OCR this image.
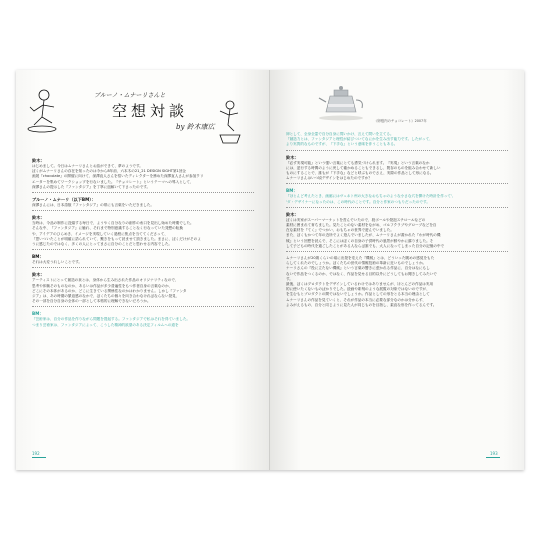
ブルーノ・ムナーリさんと
空想対談
by 鈴木康広
鈴木：
はじめまして。今日はムナーリさんとお話ができて、夢のようです。
ぼくがムナーリさんの存在を知ったのは今から8年前、六本木の21_21 DESIGN SIGHT第1回企
画展『chocolate』の開催に向けて、深澤直人さんを招いたディレクターを務めた深澤直人さんが参加クリ
エーターを集めてワークショップを行ないました。『チョコレート』というテーマへの導入として、
深澤さんの提示した『ファンタジア』を丁寧に紐解いて下さったのです。
ブルーノ・ムナーリ（以下BM）：
深澤さんには、日本語版『ファンタジア』の帯にも言葉をいただきました。
鈴木：
当時は、今品の制作に没頭する毎日で、ようやく自分なりの創作の糸口を見出し始めた時期でした。
そんな中、『ファンタジア』に触れ、それまで特別意識することなく行なっていた発想の転換
や、アイデアのひらめき、イメージを実現していく過程に焦点を当ててくださって、
『思いついたことが明確に語られていて、驚きをもって読ませて頂きました。まさに、ぼくだけがそのよ
うに感じたのではなく、多くの人にとってまさに自分のことだと思わせる内容でした。
BM：
それは大変うれしいことです。
鈴木：
アーティストにとって創造の泉とは、身体から生み出された作品のオリジナリティなので、
思考や体験そのものなのか、あるいは作品が多少普遍性をもつ作者自身の言葉なのか、
どこにその本体があるのか、どこに生きている関係性なのかはわかりません。しかし『ファンタ
ジア』は、あの時期の緊迫感のなかで、ぼくたちの個々を向き合わなければならない発見、
その一部を自分自身の全体の一部として本格的に理解できないだろうか。
BM：
『芸術家は、自分の作品を作りながら問題を提起する。ファンタジアで私はそれを得ていました。
つまり芸術家は、ファンタジアによって、こうした精神的欲望のある決定フィルムへの道を
192
《卵殻内のチョコレート》2007年
卵として、全身全霊で自分自身に問いかけ、言えて問いを立てる。
『創造力とは、ファンタジアと理性が結びついてなにかを生み出す能力です。したがって、
より実質的なものですが、『下手な』という意味を伴うこともある。
鈴木：
『必ず実現可能』という強い言葉にとても勇気づけられます。『実現』という言葉のなか
には、逆行する時間のように戻して確かめることもできるし、既存のものを組み合わせて新しい
ものにすることで、誰もが『下手な』などと呼ぶものでさえ、実際の作品として形になる。
ムナーリさんはいつ頃デザインをはじめたのですか？
BM：
『ほとんど考えたとき、画廊にはヴェネト州の大きなおもちゃのような小さな穴を開けた時計を作って',
'ダ・デザイナーになったのは、この時代のことです。自分と作家のつもりだったのです。
鈴木：
ぼくは実家がスーパーマーケットを営んでいたので、段ボールや発泡スチロールなどの
素材に囲まれて育ちました。見たことのない素材をながめ、ゴルフクラブやグローブなどを自
在な素材を『てく』でつかい、おもちゃの世界で遊んでいました。
また、ぼくもかつて年の近所でよく遊んでいましたが、ムナーリさんが書かれた『わが時代の機
械』という回想を読んで、そこにはぼくの自身の子供時代の風景が鮮やかに蘇りました。そ
して子どもの時代を過ごしたことがある人ならば誰でも、大人になってしまった自分の記憶の中で
ムナーリさんが20歳くらいの頃に出発を変えた『機械』とは、どういった眺めの感覚をもた
らしてくれたのでしょうか。ぼくたちの世代の情報技術の革新に近いものでしょうか。
ナーリさんの『役に立たない機械』という言葉の響きに惹かれる作品に、自分はなにもし
ないで作品をつくるのか、ではなく、作品を見せる目的以外にどうしてもお聞きしてみたいで
す。
最後、ぼくはプロダクトをデザインしているわけではありませんが、ほとんどの作品は実用
的に使いたくないものばかりでした。絵画や彫刻のような展覧の対象ではないのですが、
を生むもとブロダクトの間ではないでしょうか。作品としての形をとる本当の理由として
ムナーリさんの作品を見ていくと、それが作品の本当に必要な部分なのかは分からず、
よみがえるもの、自分と同じように見た人が同じものを目指し、素直な形を作ってるんです。
193
